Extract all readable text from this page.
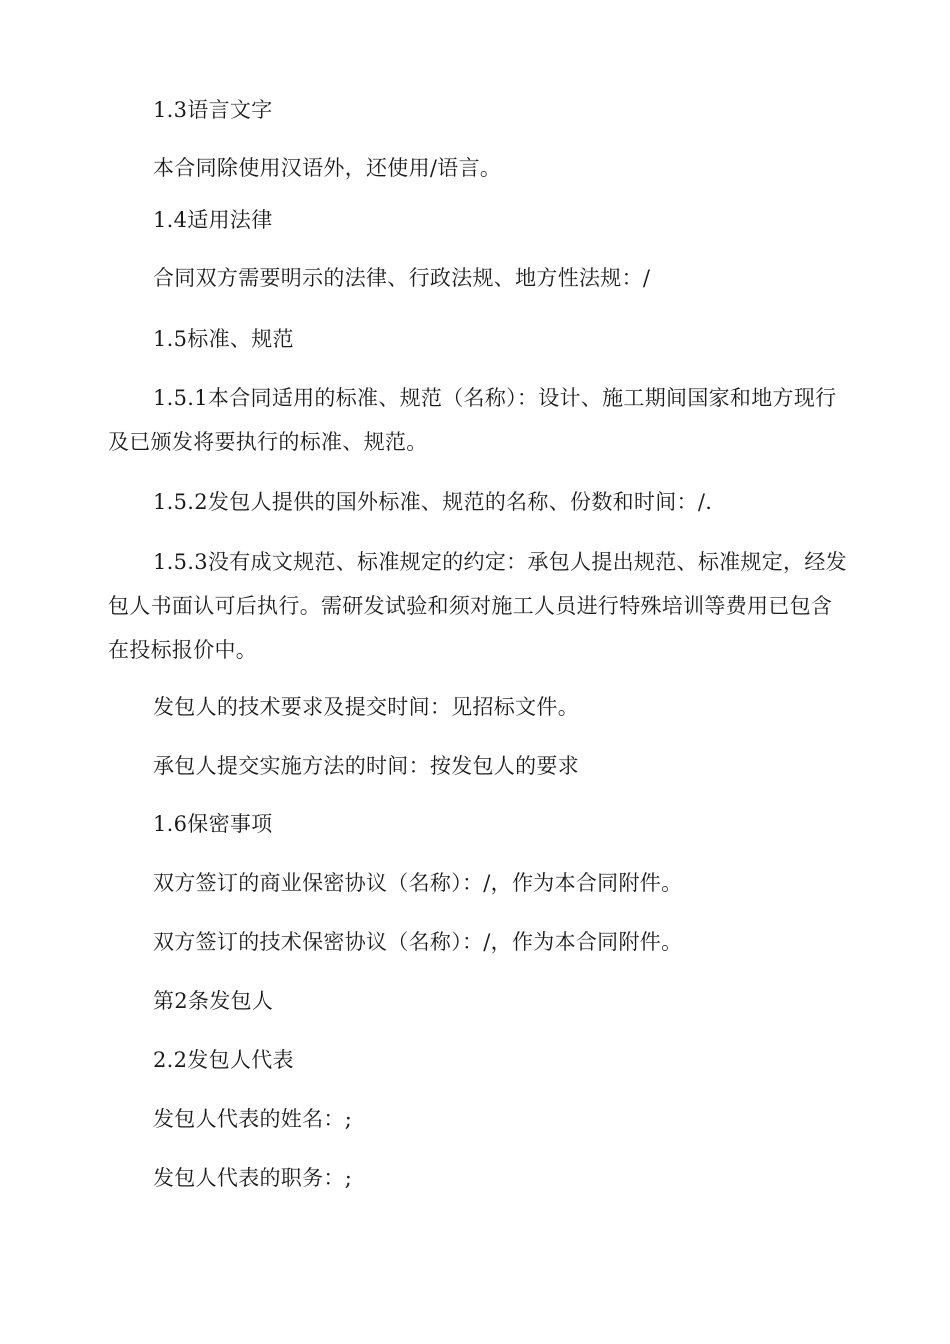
1.3语言文字

本合同除使用汉语外，还使用/语言。

1.4适用法律

合同双方需要明示的法律、行政法规、地方性法规：/

1.5标准、规范

1.5.1本合同适用的标准、规范（名称）：设计、施工期间国家和地方现行及已颁发将要执行的标准、规范。

1.5.2发包人提供的国外标准、规范的名称、份数和时间：/.

1.5.3没有成文规范、标准规定的约定：承包人提出规范、标准规定，经发包人书面认可后执行。需研发试验和须对施工人员进行特殊培训等费用已包含在投标报价中。

发包人的技术要求及提交时间：见招标文件。

承包人提交实施方法的时间：按发包人的要求

1.6保密事项

双方签订的商业保密协议（名称）：/，作为本合同附件。

双方签订的技术保密协议（名称）：/，作为本合同附件。

第2条发包人

2.2发包人代表

发包人代表的姓名：;

发包人代表的职务：;
